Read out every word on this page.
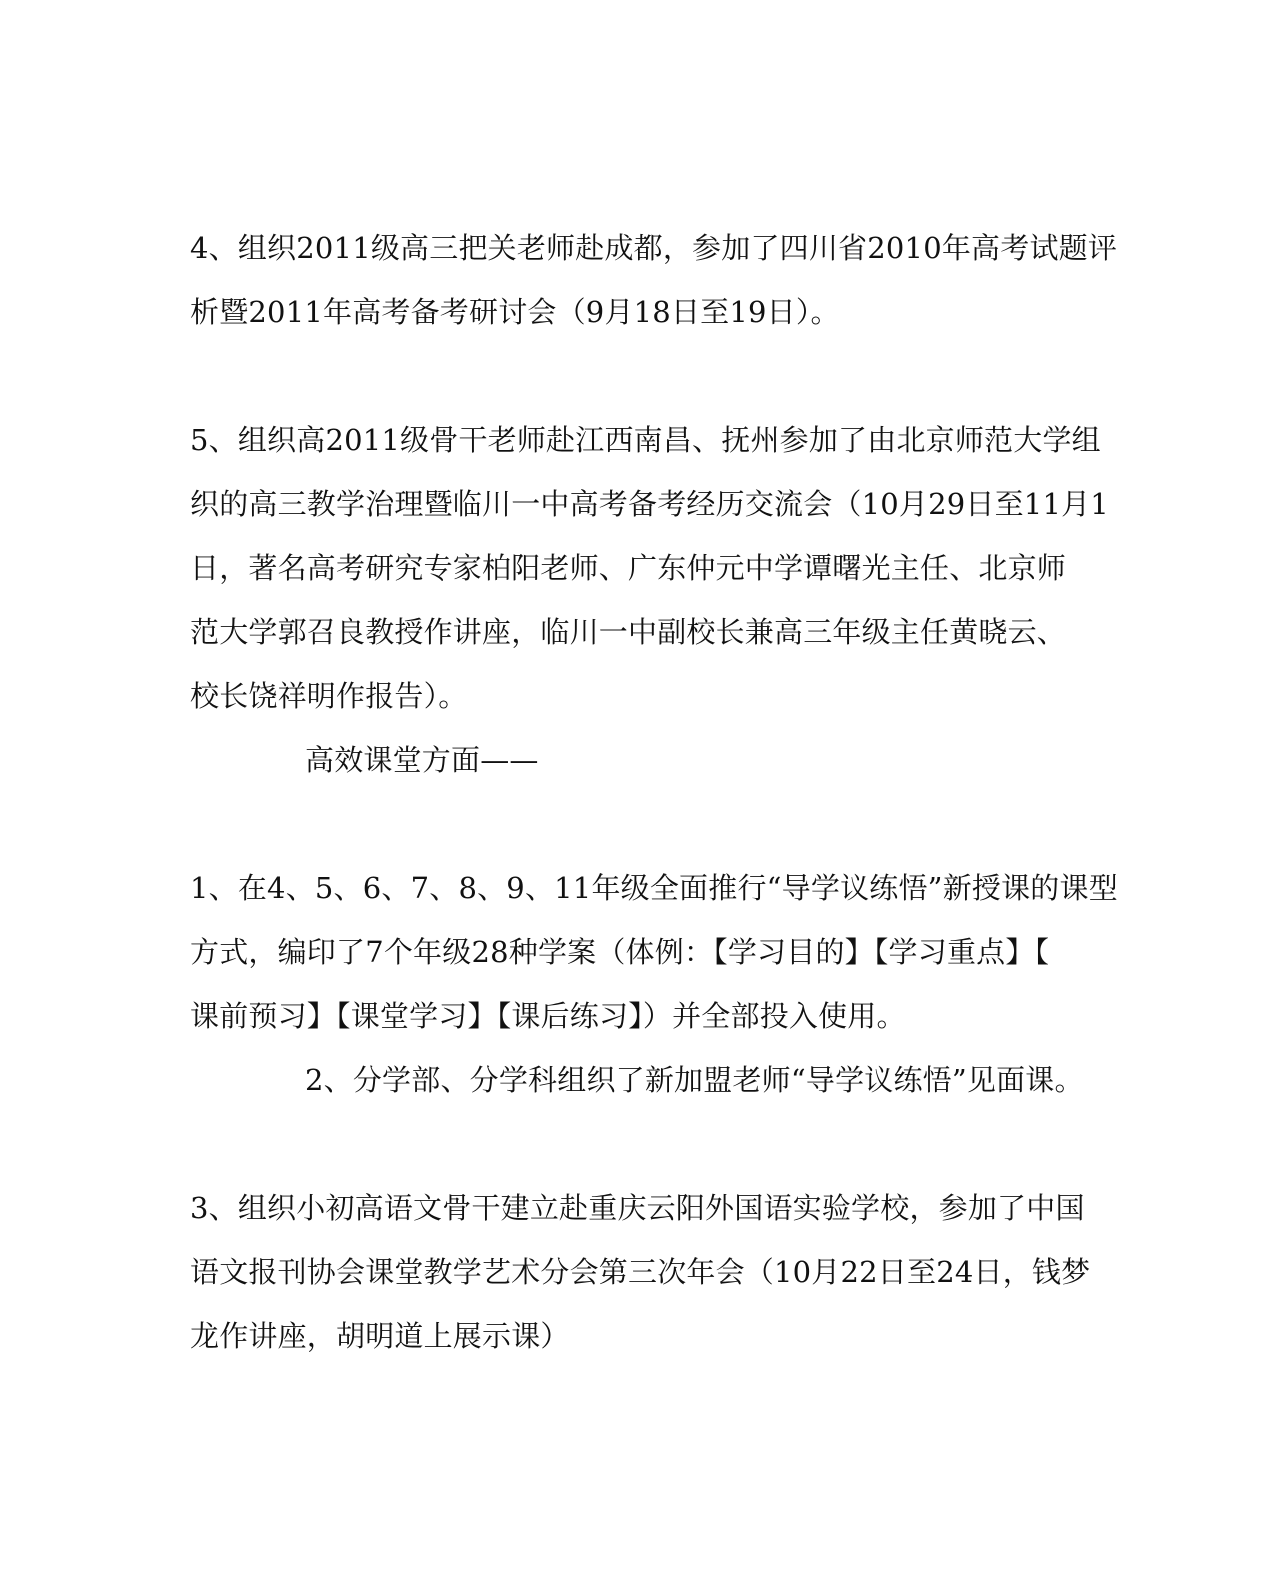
4、组织2011级高三把关老师赴成都，参加了四川省2010年高考试题评
析暨2011年高考备考研讨会（9月18日至19日）。
5、组织高2011级骨干老师赴江西南昌、抚州参加了由北京师范大学组
织的高三教学治理暨临川一中高考备考经历交流会（10月29日至11月1
日，著名高考研究专家柏阳老师、广东仲元中学谭曙光主任、北京师
范大学郭召良教授作讲座，临川一中副校长兼高三年级主任黄晓云、
校长饶祥明作报告）。
高效课堂方面——
1、在4、5、6、7、8、9、11年级全面推行“导学议练悟”新授课的课型
方式，编印了7个年级28种学案（体例：【学习目的】【学习重点】【
课前预习】【课堂学习】【课后练习】）并全部投入使用。
2、分学部、分学科组织了新加盟老师“导学议练悟”见面课。
3、组织小初高语文骨干建立赴重庆云阳外国语实验学校，参加了中国
语文报刊协会课堂教学艺术分会第三次年会（10月22日至24日，钱梦
龙作讲座，胡明道上展示课）
